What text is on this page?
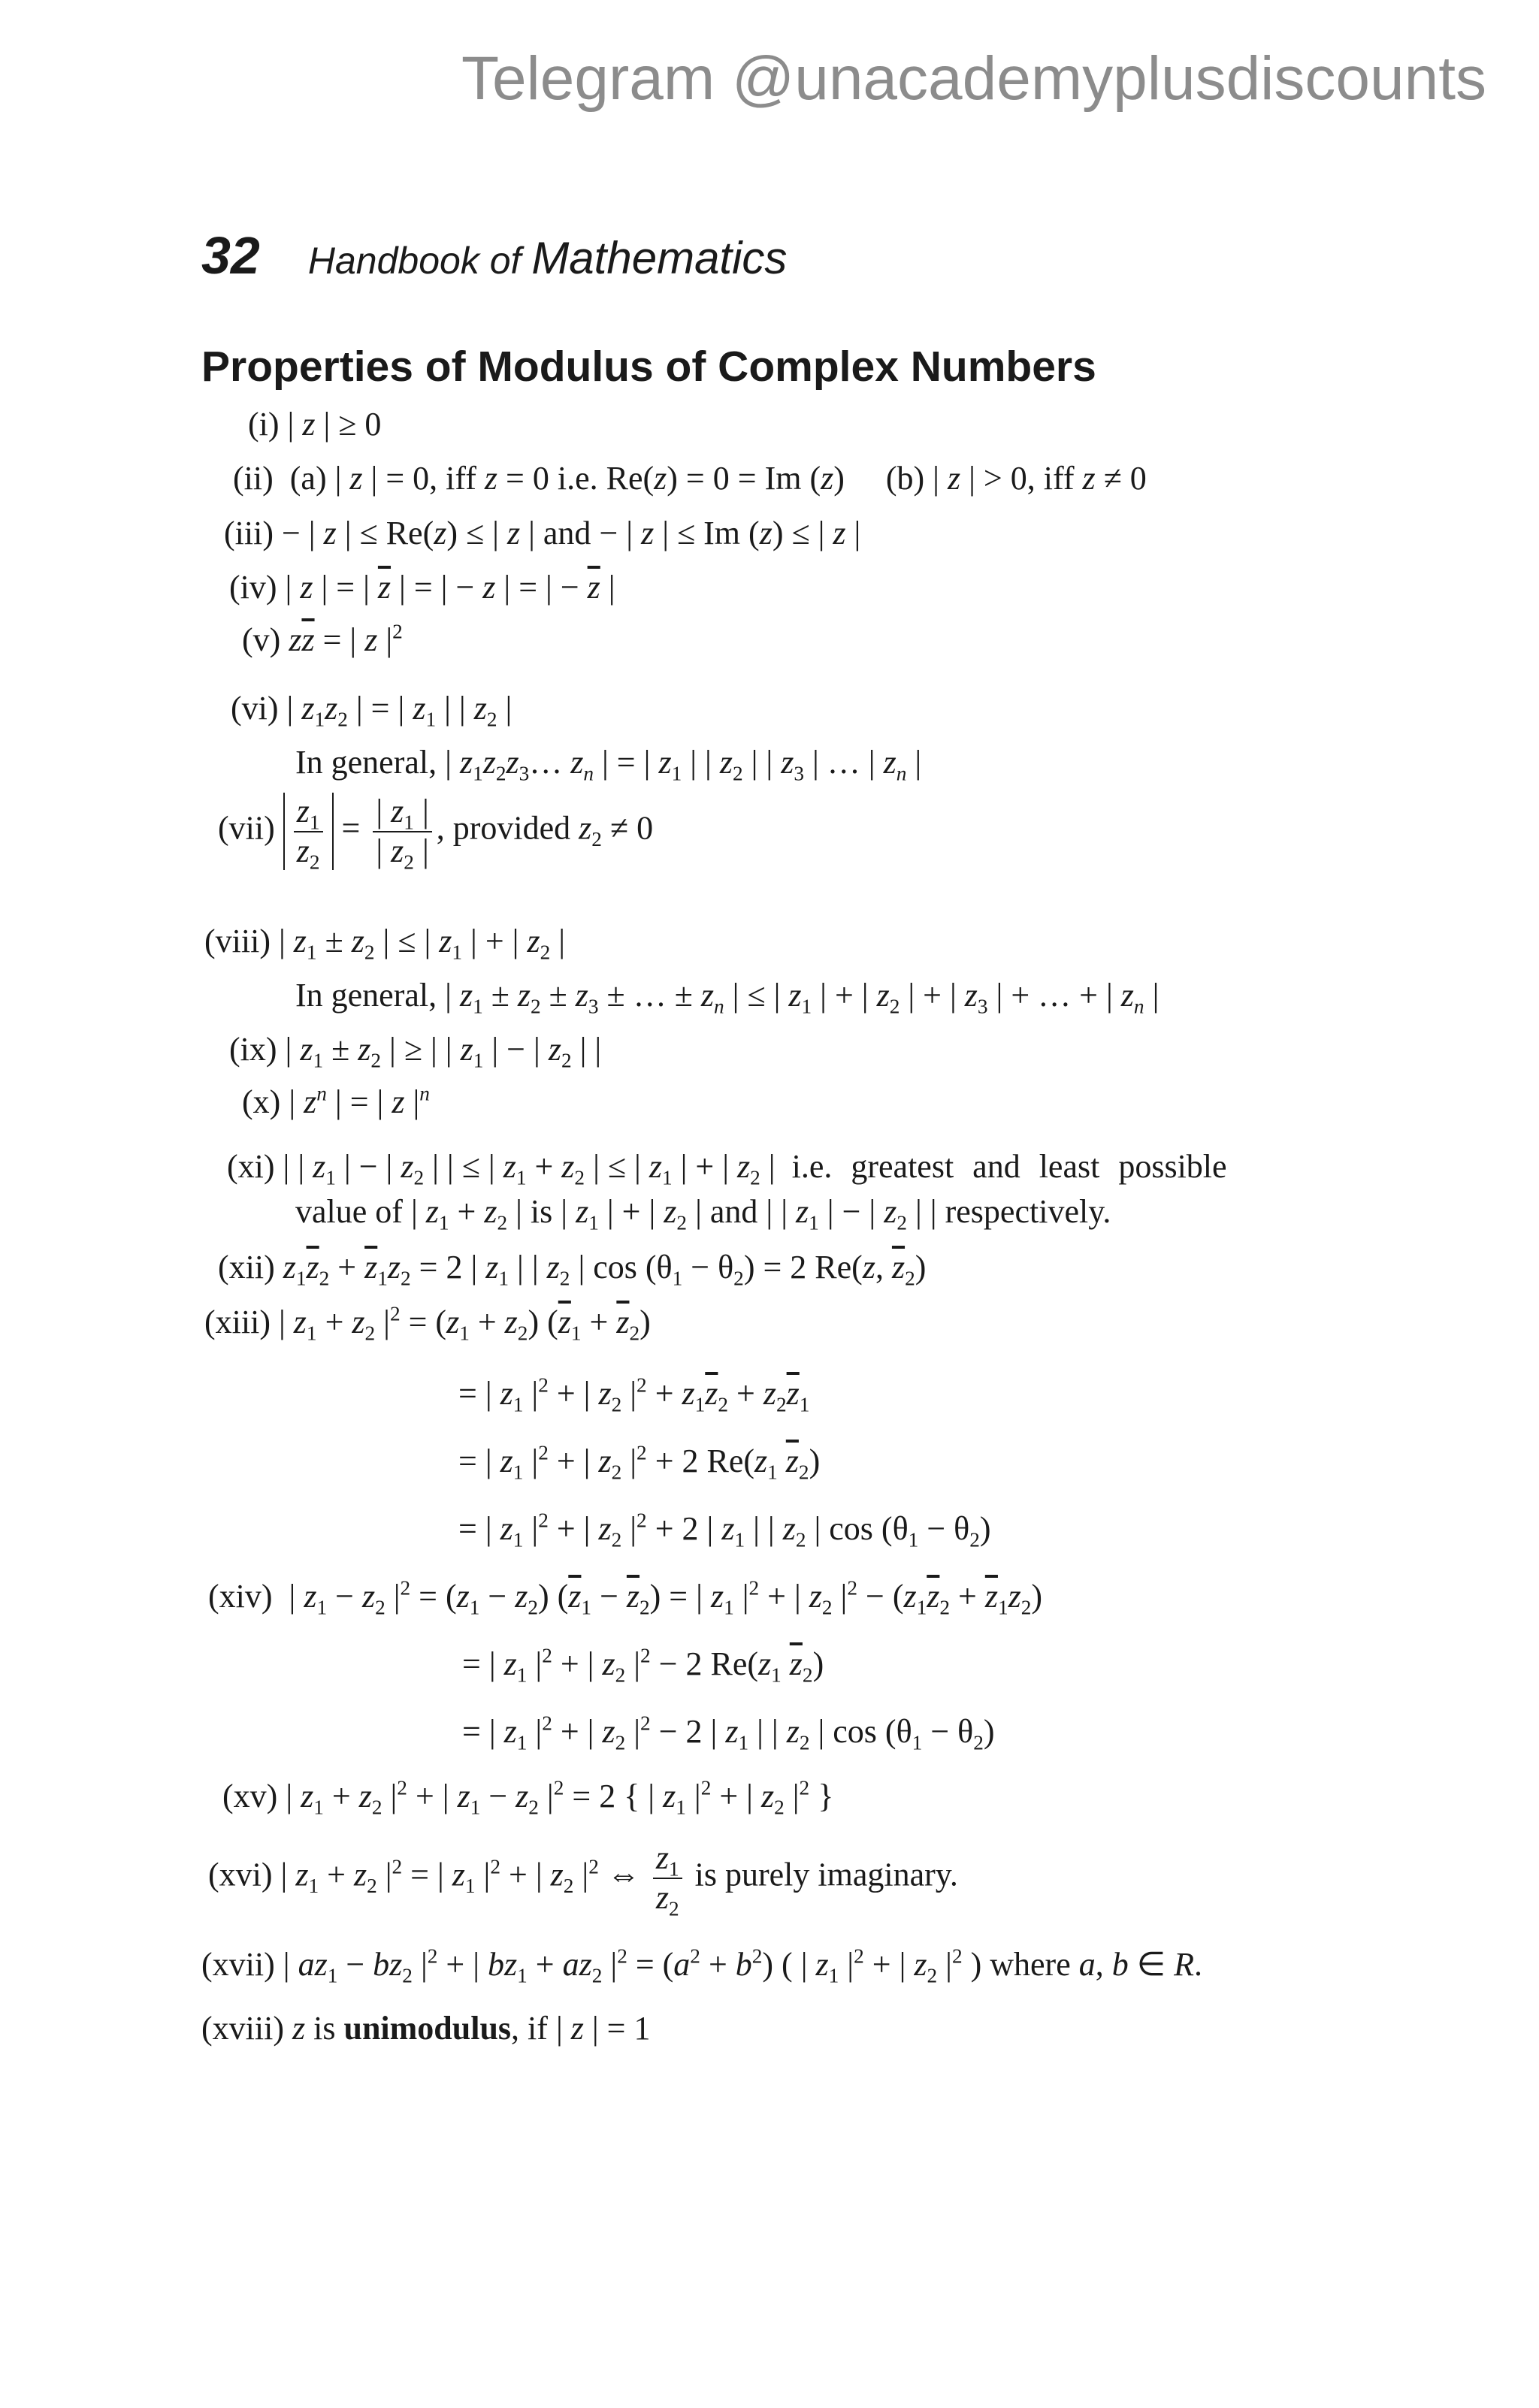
Telegram @unacademyplusdiscounts
32 Handbook of Mathematics
Properties of Modulus of Complex Numbers
(i) | z | ≥ 0
(ii)  (a) | z | = 0, iff z = 0 i.e. Re(z) = 0 = Im (z)     (b) | z | > 0, iff z ≠ 0
(iii) − | z | ≤ Re(z) ≤ | z | and − | z | ≤ Im (z) ≤ | z |
(iv) | z | = | $\overline{z}$ | = | − z | = | − $\overline{z}$ |
(v) $z\overline{z}$ = | z $|^2$
(vi) | $z_1z_2$ | = | $z_1$ | | $z_2$ |
In general, | $z_1z_2z_3\dots$ $z_n$ | = | $z_1$ | | $z_2$ | | $z_3$ | … | $z_n$ |
$(vii) \frac{z_1}{z_2} = \frac{| z_1 |}{| z_2 |}$ , provided $z_2 \ne 0$
(viii) | $z_1 \pm z_2$ | ≤ | $z_1$ | + | $z_2$ |
In general, | $z_1 \pm z_2 \pm z_3$ ± … ± $z_n$ | ≤ | $z_1$ | + | $z_2$ | + | $z_3$ | + … + | $z_n$ |
(ix) | $z_1 \pm z_2$ | ≥ | | $z_1$ | − | $z_2$ | |
(x) | $z^n$ | = | z $|^n$
(xi) | | $z_1$ | − | $z_2$ | | ≤ | $z_1 + z_2$ | ≤ | $z_1$ | + | $z_2$ |  i.e. greatest and least possible
value of | $z_1 + z_2$ | is | $z_1$ | + | $z_2$ | and | | $z_1$ | − | $z_2$ | | respectively.
(xii) $z_1\overline{z}_2 + \overline{z}_1z_2 = 2$ | $z_1$ | | $z_2$ | $\cos (\theta_1 - \theta_2) = 2$ Re(z, $\overline{z}_2$)
(xiii) | $z_1 + z_2$ $|^2 = (z_1 + z_2) (\overline{z}_1 + \overline{z}_2)$
= | $z_1$ $|^2$ + | $z_2$ $|^2 + z_1\overline{z}_2 + z_2\overline{z}_1$
= | $z_1$ $|^2$ + | $z_2$ $|^2 + 2$ $Re(z_1$ $\overline{z}_2$)
= | $z_1$ $|^2$ + | $z_2$ $|^2 + 2$ | $z_1$ | | $z_2$ | $\cos (\theta_1 - \theta_2)$
(xiv)  | $z_1 - z_2$ $|^2 = (z_1 - z_2) (\overline{z}_1 - \overline{z}_2)$ = | $z_1$ $|^2$ + | $z_2$ $|^2 - (z_1\overline{z}_2 + \overline{z}_1z_2)$
= | $z_1$ $|^2$ + | $z_2$ $|^2 - 2$ $Re(z_1$ $\overline{z}_2$)
= | $z_1$ $|^2$ + | $z_2$ $|^2 - 2$ | $z_1$ | | $z_2$ | $\cos (\theta_1 - \theta_2)$
(xv) | $z_1 + z_2$ $|^2$ + | $z_1 - z_2$ $|^2 = 2$ { | $z_1$ $|^2$ + | $z_2$ $|^2$ }
(xvi) | $z_1 + z_2$ $|^2$ = | $z_1$ $|^2$ + | $z_2$ $|^2$ ⇔ $\frac{z_1}{z_2}$ is purely imaginary.
(xvii) | $az_1 - bz_2$ $|^2$ + | $bz_1 + az_2$ $|^2 = (a^2 + b^2)$ ( | $z_1$ $|^2$ + | $z_2$ $|^2$ ) where a, b ∈ R.
(xviii) z is unimodulus, if | z | = 1
